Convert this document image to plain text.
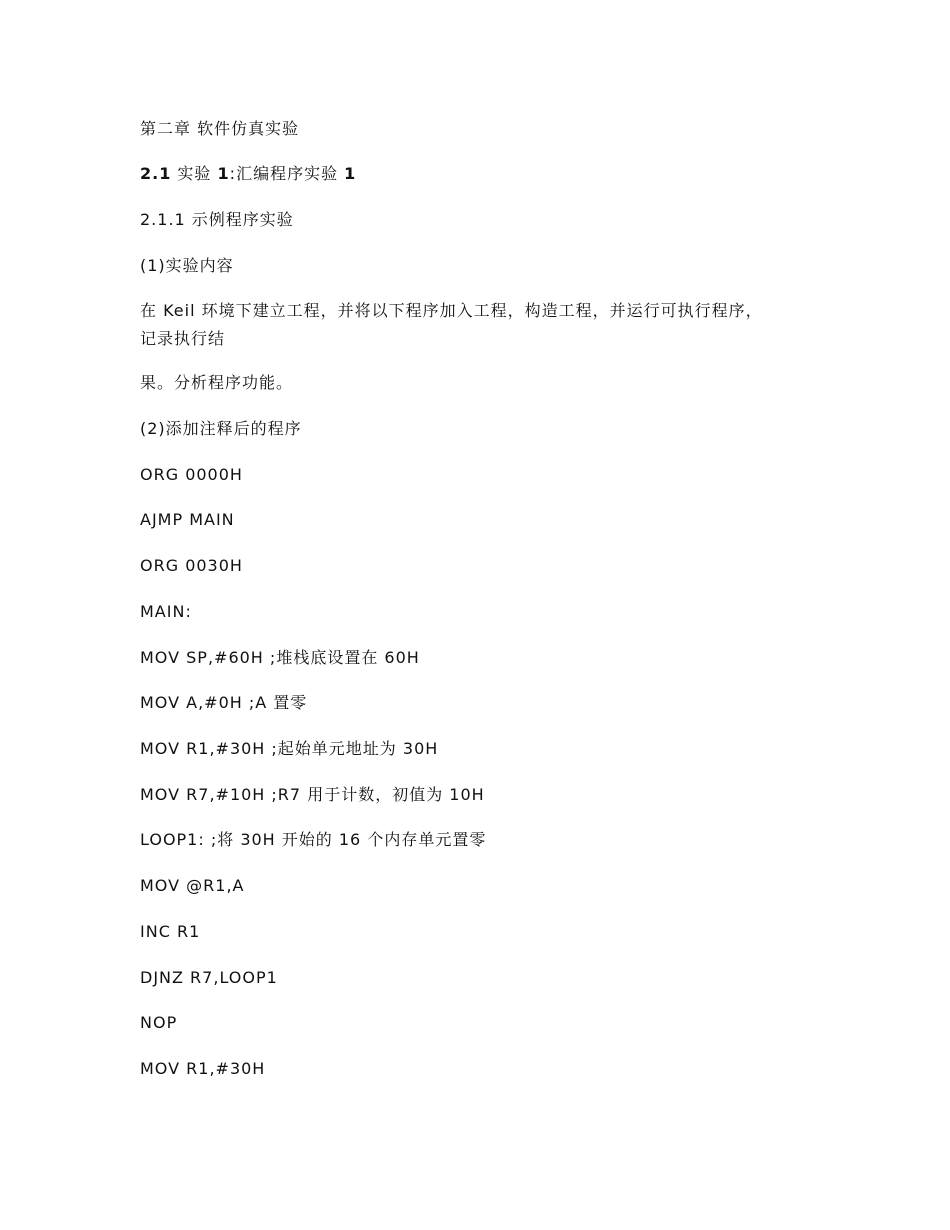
第二章 软件仿真实验
2.1 实验 1:汇编程序实验 1
2.1.1 示例程序实验
(1)实验内容
在 Keil 环境下建立工程，并将以下程序加入工程，构造工程，并运行可执行程序，
记录执行结
果。分析程序功能。
(2)添加注释后的程序
ORG 0000H
AJMP MAIN
ORG 0030H
MAIN:
MOV SP,#60H ;堆栈底设置在 60H
MOV A,#0H ;A 置零
MOV R1,#30H ;起始单元地址为 30H
MOV R7,#10H ;R7 用于计数，初值为 10H
LOOP1: ;将 30H 开始的 16 个内存单元置零
MOV @R1,A
INC R1
DJNZ R7,LOOP1
NOP
MOV R1,#30H
